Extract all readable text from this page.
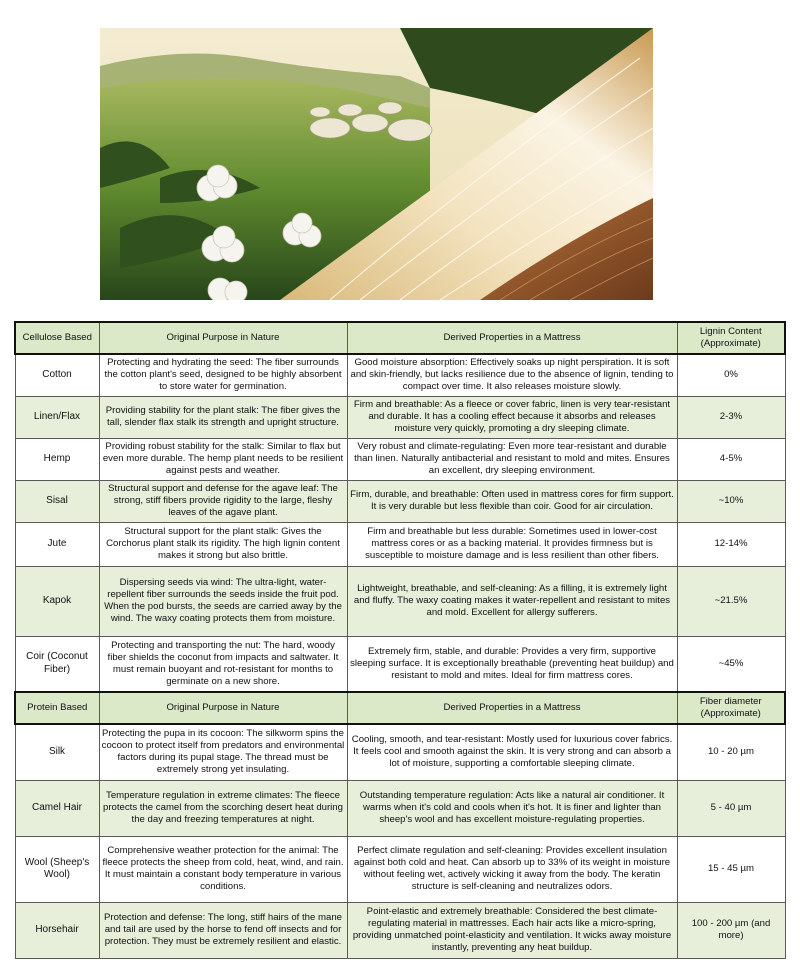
Cellulose Based	Original Purpose in Nature	Derived Properties in a Mattress	Lignin Content (Approximate)
Cotton	Protecting and hydrating the seed: The fiber surrounds the cotton plant's seed, designed to be highly absorbent to store water for germination.	Good moisture absorption: Effectively soaks up night perspiration. It is soft and skin-friendly, but lacks resilience due to the absence of lignin, tending to compact over time. It also releases moisture slowly.	0%
Linen/Flax	Providing stability for the plant stalk: The fiber gives the tall, slender flax stalk its strength and upright structure.	Firm and breathable: As a fleece or cover fabric, linen is very tear-resistant and durable. It has a cooling effect because it absorbs and releases moisture very quickly, promoting a dry sleeping climate.	2-3%
Hemp	Providing robust stability for the stalk: Similar to flax but even more durable. The hemp plant needs to be resilient against pests and weather.	Very robust and climate-regulating: Even more tear-resistant and durable than linen. Naturally antibacterial and resistant to mold and mites. Ensures an excellent, dry sleeping environment.	4-5%
Sisal	Structural support and defense for the agave leaf: The strong, stiff fibers provide rigidity to the large, fleshy leaves of the agave plant.	Firm, durable, and breathable: Often used in mattress cores for firm support. It is very durable but less flexible than coir. Good for air circulation.	~10%
Jute	Structural support for the plant stalk: Gives the Corchorus plant stalk its rigidity. The high lignin content makes it strong but also brittle.	Firm and breathable but less durable: Sometimes used in lower-cost mattress cores or as a backing material. It provides firmness but is susceptible to moisture damage and is less resilient than other fibers.	12-14%
Kapok	Dispersing seeds via wind: The ultra-light, water-repellent fiber surrounds the seeds inside the fruit pod. When the pod bursts, the seeds are carried away by the wind. The waxy coating protects them from moisture.	Lightweight, breathable, and self-cleaning: As a filling, it is extremely light and fluffy. The waxy coating makes it water-repellent and resistant to mites and mold. Excellent for allergy sufferers.	~21.5%
Coir (Coconut Fiber)	Protecting and transporting the nut: The hard, woody fiber shields the coconut from impacts and saltwater. It must remain buoyant and rot-resistant for months to germinate on a new shore.	Extremely firm, stable, and durable: Provides a very firm, supportive sleeping surface. It is exceptionally breathable (preventing heat buildup) and resistant to mold and mites. Ideal for firm mattress cores.	~45%
Protein Based	Original Purpose in Nature	Derived Properties in a Mattress	Fiber diameter (Approximate)
Silk	Protecting the pupa in its cocoon: The silkworm spins the cocoon to protect itself from predators and environmental factors during its pupal stage. The thread must be extremely strong yet insulating.	Cooling, smooth, and tear-resistant: Mostly used for luxurious cover fabrics. It feels cool and smooth against the skin. It is very strong and can absorb a lot of moisture, supporting a comfortable sleeping climate.	10 - 20 µm
Camel Hair	Temperature regulation in extreme climates: The fleece protects the camel from the scorching desert heat during the day and freezing temperatures at night.	Outstanding temperature regulation: Acts like a natural air conditioner. It warms when it's cold and cools when it's hot. It is finer and lighter than sheep's wool and has excellent moisture-regulating properties.	5 - 40 µm
Wool (Sheep's Wool)	Comprehensive weather protection for the animal: The fleece protects the sheep from cold, heat, wind, and rain. It must maintain a constant body temperature in various conditions.	Perfect climate regulation and self-cleaning: Provides excellent insulation against both cold and heat. Can absorb up to 33% of its weight in moisture without feeling wet, actively wicking it away from the body. The keratin structure is self-cleaning and neutralizes odors.	15 - 45 µm
Horsehair	Protection and defense: The long, stiff hairs of the mane and tail are used by the horse to fend off insects and for protection. They must be extremely resilient and elastic.	Point-elastic and extremely breathable: Considered the best climate-regulating material in mattresses. Each hair acts like a micro-spring, providing unmatched point-elasticity and ventilation. It wicks away moisture instantly, preventing any heat buildup.	100 - 200 µm (and more)
